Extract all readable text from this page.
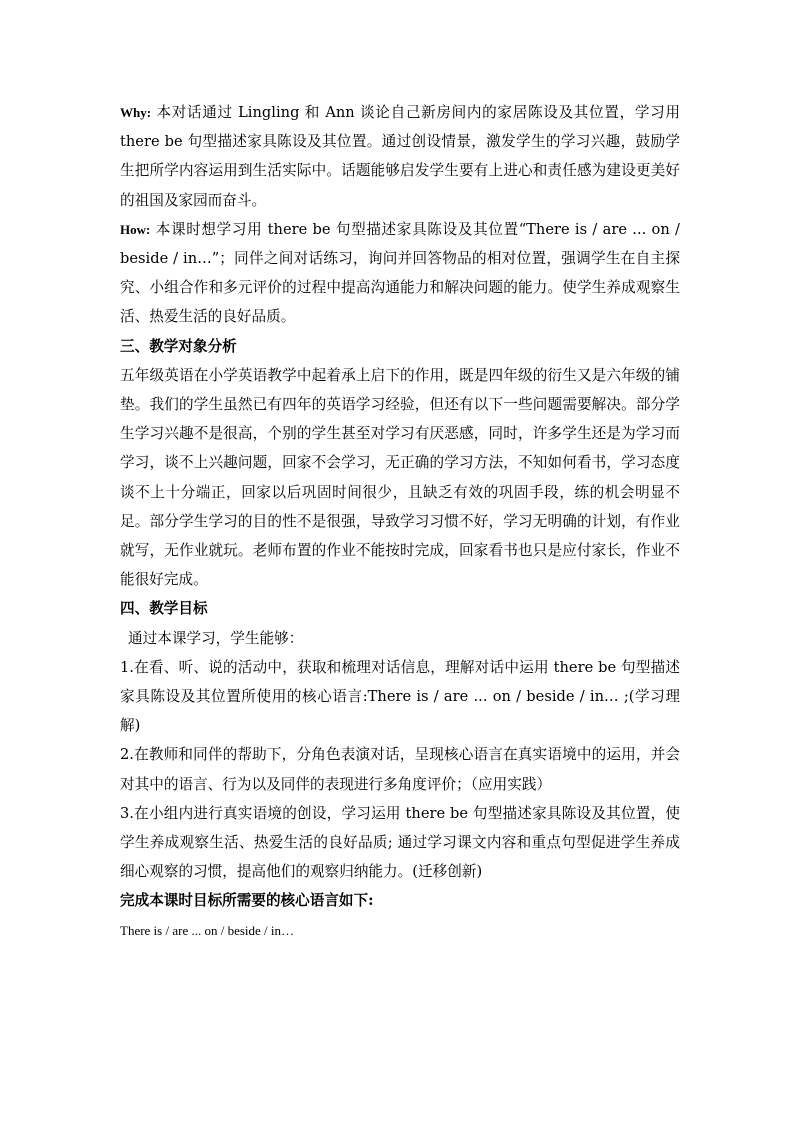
Why: 本对话通过 Lingling 和 Ann 谈论自己新房间内的家居陈设及其位置，学习用 there be 句型描述家具陈设及其位置。通过创设情景，激发学生的学习兴趣，鼓励学生把所学内容运用到生活实际中。话题能够启发学生要有上进心和责任感为建设更美好的祖国及家园而奋斗。

How: 本课时想学习用 there be 句型描述家具陈设及其位置“There is / are ... on / beside / in…”；同伴之间对话练习，询问并回答物品的相对位置，强调学生在自主探究、小组合作和多元评价的过程中提高沟通能力和解决问题的能力。使学生养成观察生活、热爱生活的良好品质。

三、教学对象分析

五年级英语在小学英语教学中起着承上启下的作用，既是四年级的衍生又是六年级的铺垫。我们的学生虽然已有四年的英语学习经验，但还有以下一些问题需要解决。部分学生学习兴趣不是很高，个别的学生甚至对学习有厌恶感，同时，许多学生还是为学习而学习，谈不上兴趣问题，回家不会学习，无正确的学习方法，不知如何看书，学习态度谈不上十分端正，回家以后巩固时间很少，且缺乏有效的巩固手段，练的机会明显不足。部分学生学习的目的性不是很强，导致学习习惯不好，学习无明确的计划，有作业就写，无作业就玩。老师布置的作业不能按时完成，回家看书也只是应付家长，作业不能很好完成。

四、教学目标

通过本课学习，学生能够：

1.在看、听、说的活动中，获取和梳理对话信息，理解对话中运用 there be 句型描述家具陈设及其位置所使用的核心语言:There is / are ... on / beside / in… ;(学习理解)

2.在教师和同伴的帮助下，分角色表演对话，呈现核心语言在真实语境中的运用，并会对其中的语言、行为以及同伴的表现进行多角度评价；（应用实践）

3.在小组内进行真实语境的创设，学习运用 there be 句型描述家具陈设及其位置，使学生养成观察生活、热爱生活的良好品质; 通过学习课文内容和重点句型促进学生养成细心观察的习惯，提高他们的观察归纳能力。(迁移创新)

完成本课时目标所需要的核心语言如下:

There is / are ... on / beside / in…
